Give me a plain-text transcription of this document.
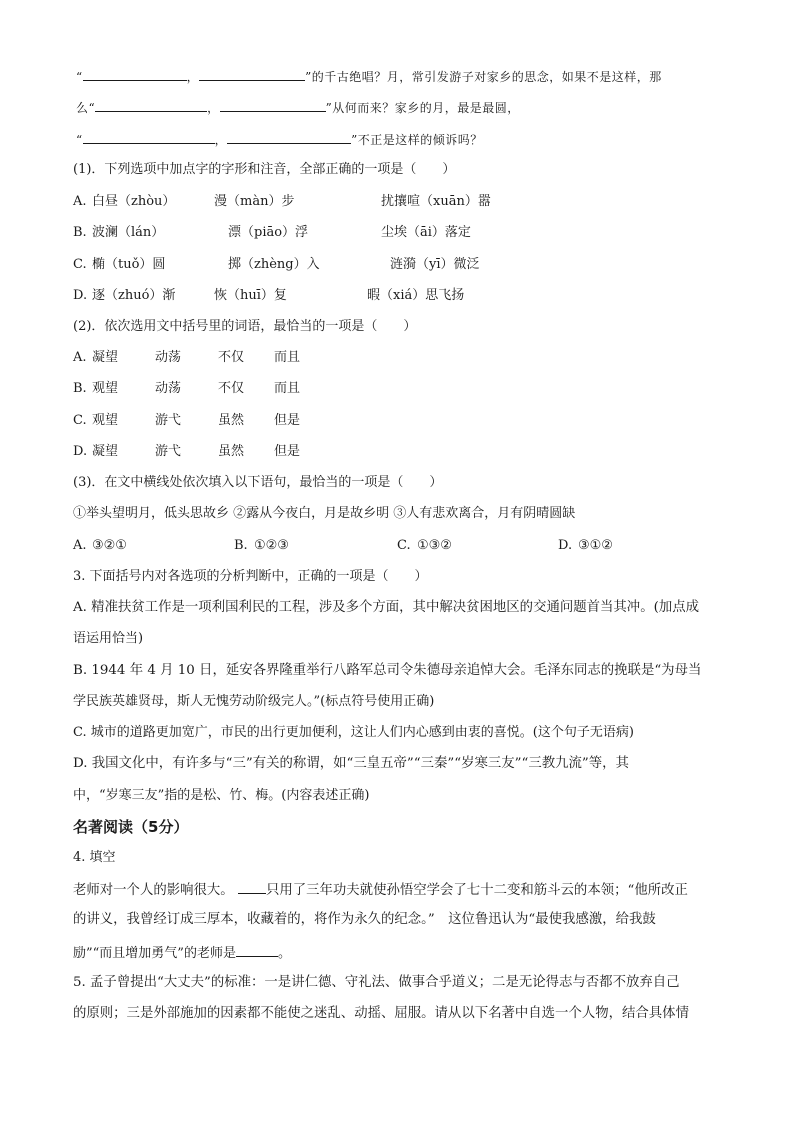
“	，	”的千古绝唱？月，常引发游子对家乡的思念，如果不是这样，那
么“	，	”从何而来？家乡的月，最是最圆，
“	，	”不正是这样的倾诉吗？
(1)．下列选项中加点字的字形和注音，全部正确的一项是（　　）
A. 白昼（zhòu）	漫（màn）步	扰攘喧（xuān）嚣
B. 波澜（lán）	漂（piāo）浮	尘埃（āi）落定
C. 椭（tuǒ）圆	掷（zhèng）入	涟漪（yī）微泛
D. 逐（zhuó）渐	恢（huī）复	暇（xiá）思飞扬
(2)．依次选用文中括号里的词语，最恰当的一项是（　　）
A. 凝望	动荡	不仅 而且
B. 观望	动荡	不仅 而且
C. 观望	游弋	虽然 但是
D. 凝望	游弋	虽然 但是
(3)．在文中横线处依次填入以下语句，最恰当的一项是（　　）
①举头望明月，低头思故乡 ②露从今夜白，月是故乡明 ③人有悲欢离合，月有阴晴圆缺
A. ③②①	B. ①②③	C. ①③②	D. ③①②
3. 下面括号内对各选项的分析判断中，正确的一项是（　　）
A. 精准扶贫工作是一项利国利民的工程，涉及多个方面，其中解决贫困地区的交通问题首当其冲。(加点成
语运用恰当)
B. 1944 年 4 月 10 日，延安各界隆重举行八路军总司令朱德母亲追悼大会。毛泽东同志的挽联是“为母当
学民族英雄贤母，斯人无愧劳动阶级完人。”(标点符号使用正确)
C. 城市的道路更加宽广，市民的出行更加便利，这让人们内心感到由衷的喜悦。(这个句子无语病)
D. 我国文化中，有许多与“三”有关的称谓，如“三皇五帝”“三秦”“岁寒三友”“三教九流”等，其
中，“岁寒三友”指的是松、竹、梅。(内容表述正确)
名著阅读（5分）
4. 填空
老师对一个人的影响很大。 只用了三年功夫就使孙悟空学会了七十二变和筋斗云的本领；“他所改正
的讲义，我曾经订成三厚本，收藏着的，将作为永久的纪念。”　这位鲁迅认为“最使我感激，给我鼓
励”“而且增加勇气”的老师是	。
5. 孟子曾提出“大丈夫”的标准：一是讲仁德、守礼法、做事合乎道义；二是无论得志与否都不放弃自己
的原则；三是外部施加的因素都不能使之迷乱、动摇、屈服。请从以下名著中自选一个人物，结合具体情
